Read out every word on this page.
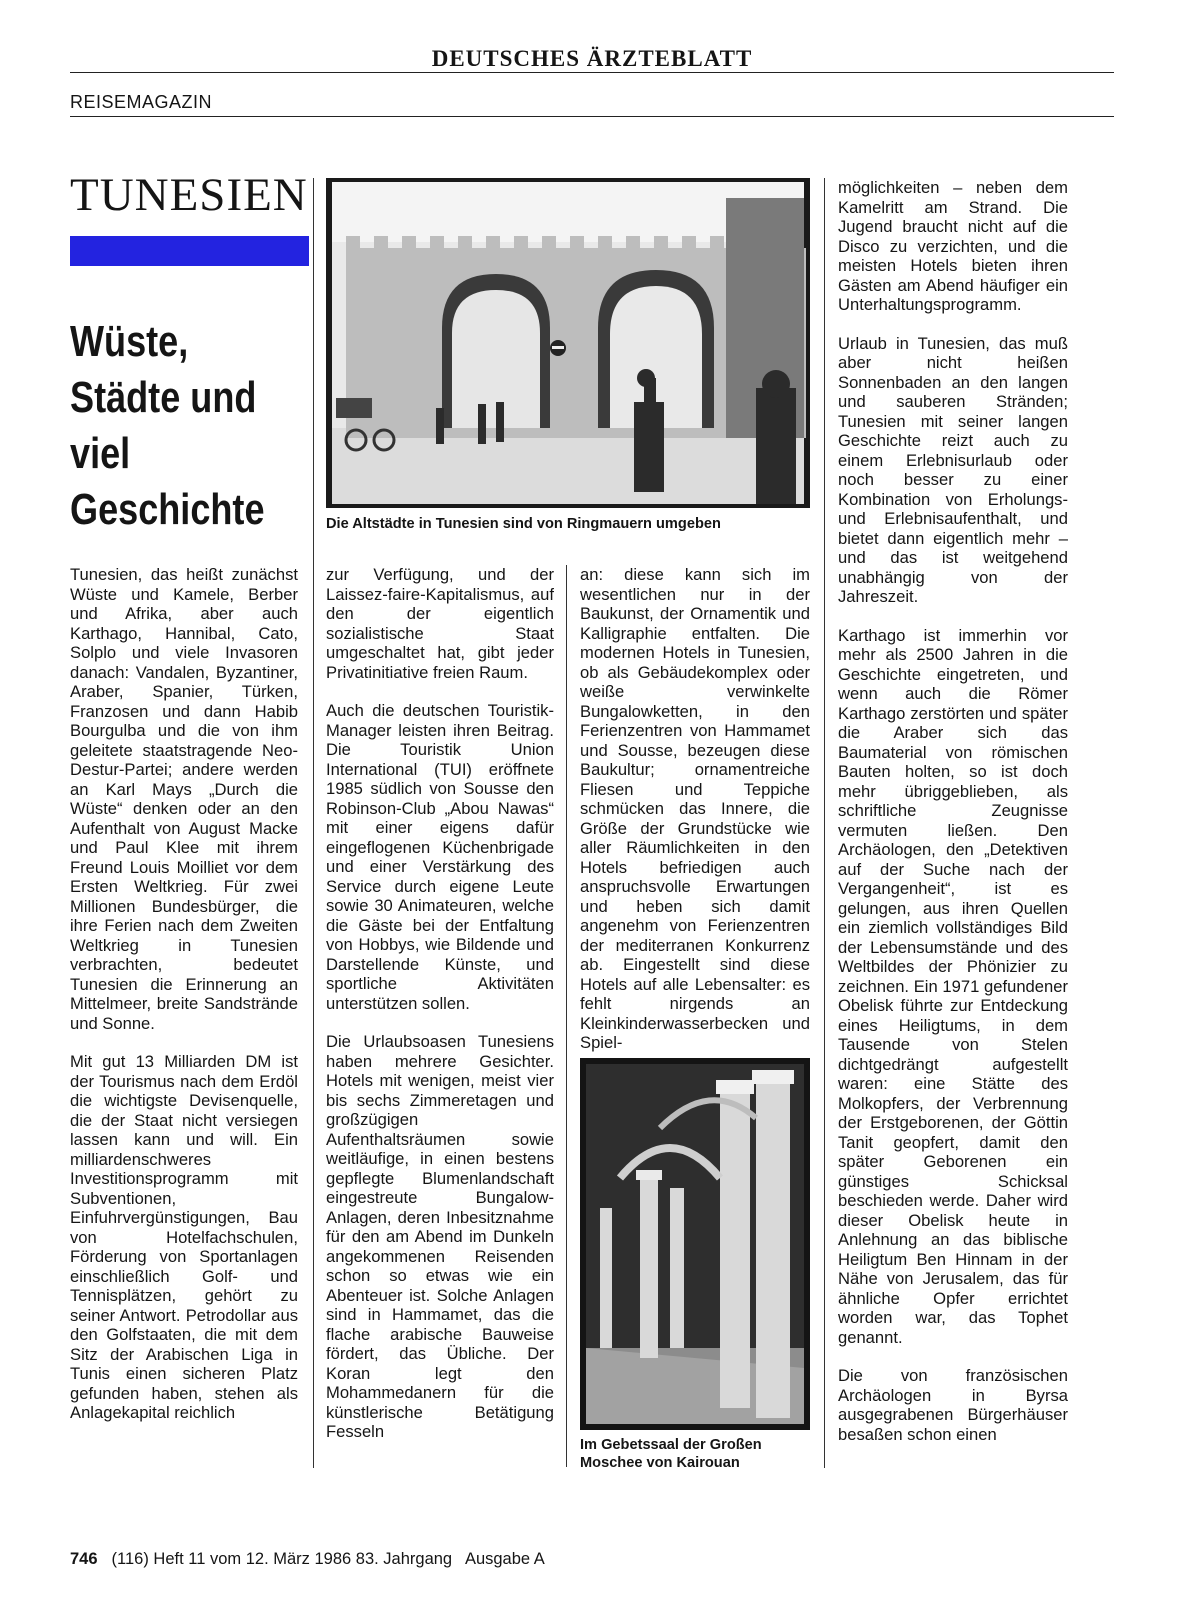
DEUTSCHES ÄRZTEBLATT
REISEMAGAZIN
TUNESIEN
Wüste, Städte und viel Geschichte	Die Altstädte in Tunesien sind von Ringmauern umgeben

Tunesien, das heißt zunächst Wüste und Kamele, Berber und Afrika, aber auch Karthago, Hannibal, Cato, Solplo und viele Invasoren danach: Vandalen, Byzantiner, Araber, Spanier, Türken, Franzosen und dann Habib Bourgulba und die von ihm geleitete staatstragende Neo-Destur-Partei; andere werden an Karl Mays „Durch die Wüste“ denken oder an den Aufenthalt von August Macke und Paul Klee mit ihrem Freund Louis Moilliet vor dem Ersten Weltkrieg. Für zwei Millionen Bundesbürger, die ihre Ferien nach dem Zweiten Weltkrieg in Tunesien verbrachten, bedeutet Tunesien die Erinnerung an Mittelmeer, breite Sandstrände und Sonne.

Mit gut 13 Milliarden DM ist der Tourismus nach dem Erdöl die wichtigste Devisenquelle, die der Staat nicht versiegen lassen kann und will. Ein milliardenschweres Investitionsprogramm mit Subventionen, Einfuhrvergünstigungen, Bau von Hotelfachschulen, Förderung von Sportanlagen einschließlich Golf- und Tennisplätzen, gehört zu seiner Antwort. Petrodollar aus den Golfstaaten, die mit dem Sitz der Arabischen Liga in Tunis einen sicheren Platz gefunden haben, stehen als Anlagekapital reichlich

zur Verfügung, und der Laissez-faire-Kapitalismus, auf den der eigentlich sozialistische Staat umgeschaltet hat, gibt jeder Privatinitiative freien Raum.

Auch die deutschen Touristik-Manager leisten ihren Beitrag. Die Touristik Union International (TUI) eröffnete 1985 südlich von Sousse den Robinson-Club „Abou Nawas“ mit einer eigens dafür eingeflogenen Küchenbrigade und einer Verstärkung des Service durch eigene Leute sowie 30 Animateuren, welche die Gäste bei der Entfaltung von Hobbys, wie Bildende und Darstellende Künste, und sportliche Aktivitäten unterstützen sollen.

Die Urlaubsoasen Tunesiens haben mehrere Gesichter. Hotels mit wenigen, meist vier bis sechs Zimmeretagen und großzügigen Aufenthaltsräumen sowie weitläufige, in einen bestens gepflegte Blumenlandschaft eingestreute Bungalow-Anlagen, deren Inbesitznahme für den am Abend im Dunkeln angekommenen Reisenden schon so etwas wie ein Abenteuer ist. Solche Anlagen sind in Hammamet, das die flache arabische Bauweise fördert, das Übliche. Der Koran legt den Mohammedanern für die künstlerische Betätigung Fesseln

an: diese kann sich im wesentlichen nur in der Baukunst, der Ornamentik und Kalligraphie entfalten. Die modernen Hotels in Tunesien, ob als Gebäudekomplex oder weiße verwinkelte Bungalowketten, in den Ferienzentren von Hammamet und Sousse, bezeugen diese Baukultur; ornamentreiche Fliesen und Teppiche schmücken das Innere, die Größe der Grundstücke wie aller Räumlichkeiten in den Hotels befriedigen auch anspruchsvolle Erwartungen und heben sich damit angenehm von Ferienzentren der mediterranen Konkurrenz ab. Eingestellt sind diese Hotels auf alle Lebensalter: es fehlt nirgends an Kleinkinderwasserbecken und Spiel-

Im Gebetssaal der Großen Moschee von Kairouan

möglichkeiten – neben dem Kamelritt am Strand. Die Jugend braucht nicht auf die Disco zu verzichten, und die meisten Hotels bieten ihren Gästen am Abend häufiger ein Unterhaltungsprogramm.

Urlaub in Tunesien, das muß aber nicht heißen Sonnenbaden an den langen und sauberen Stränden; Tunesien mit seiner langen Geschichte reizt auch zu einem Erlebnisurlaub oder noch besser zu einer Kombination von Erholungs- und Erlebnisaufenthalt, und bietet dann eigentlich mehr – und das ist weitgehend unabhängig von der Jahreszeit.

Karthago ist immerhin vor mehr als 2500 Jahren in die Geschichte eingetreten, und wenn auch die Römer Karthago zerstörten und später die Araber sich das Baumaterial von römischen Bauten holten, so ist doch mehr übriggeblieben, als schriftliche Zeugnisse vermuten ließen. Den Archäologen, den „Detektiven auf der Suche nach der Vergangenheit“, ist es gelungen, aus ihren Quellen ein ziemlich vollständiges Bild der Lebensumstände und des Weltbildes der Phönizier zu zeichnen. Ein 1971 gefundener Obelisk führte zur Entdeckung eines Heiligtums, in dem Tausende von Stelen dichtgedrängt aufgestellt waren: eine Stätte des Molkopfers, der Verbrennung der Erstgeborenen, der Göttin Tanit geopfert, damit den später Geborenen ein günstiges Schicksal beschieden werde. Daher wird dieser Obelisk heute in Anlehnung an das biblische Heiligtum Ben Hinnam in der Nähe von Jerusalem, das für ähnliche Opfer errichtet worden war, das Tophet genannt.

Die von französischen Archäologen in Byrsa ausgegrabenen Bürgerhäuser besaßen schon einen

746 (116) Heft 11 vom 12. März 1986 83. Jahrgang   Ausgabe A
